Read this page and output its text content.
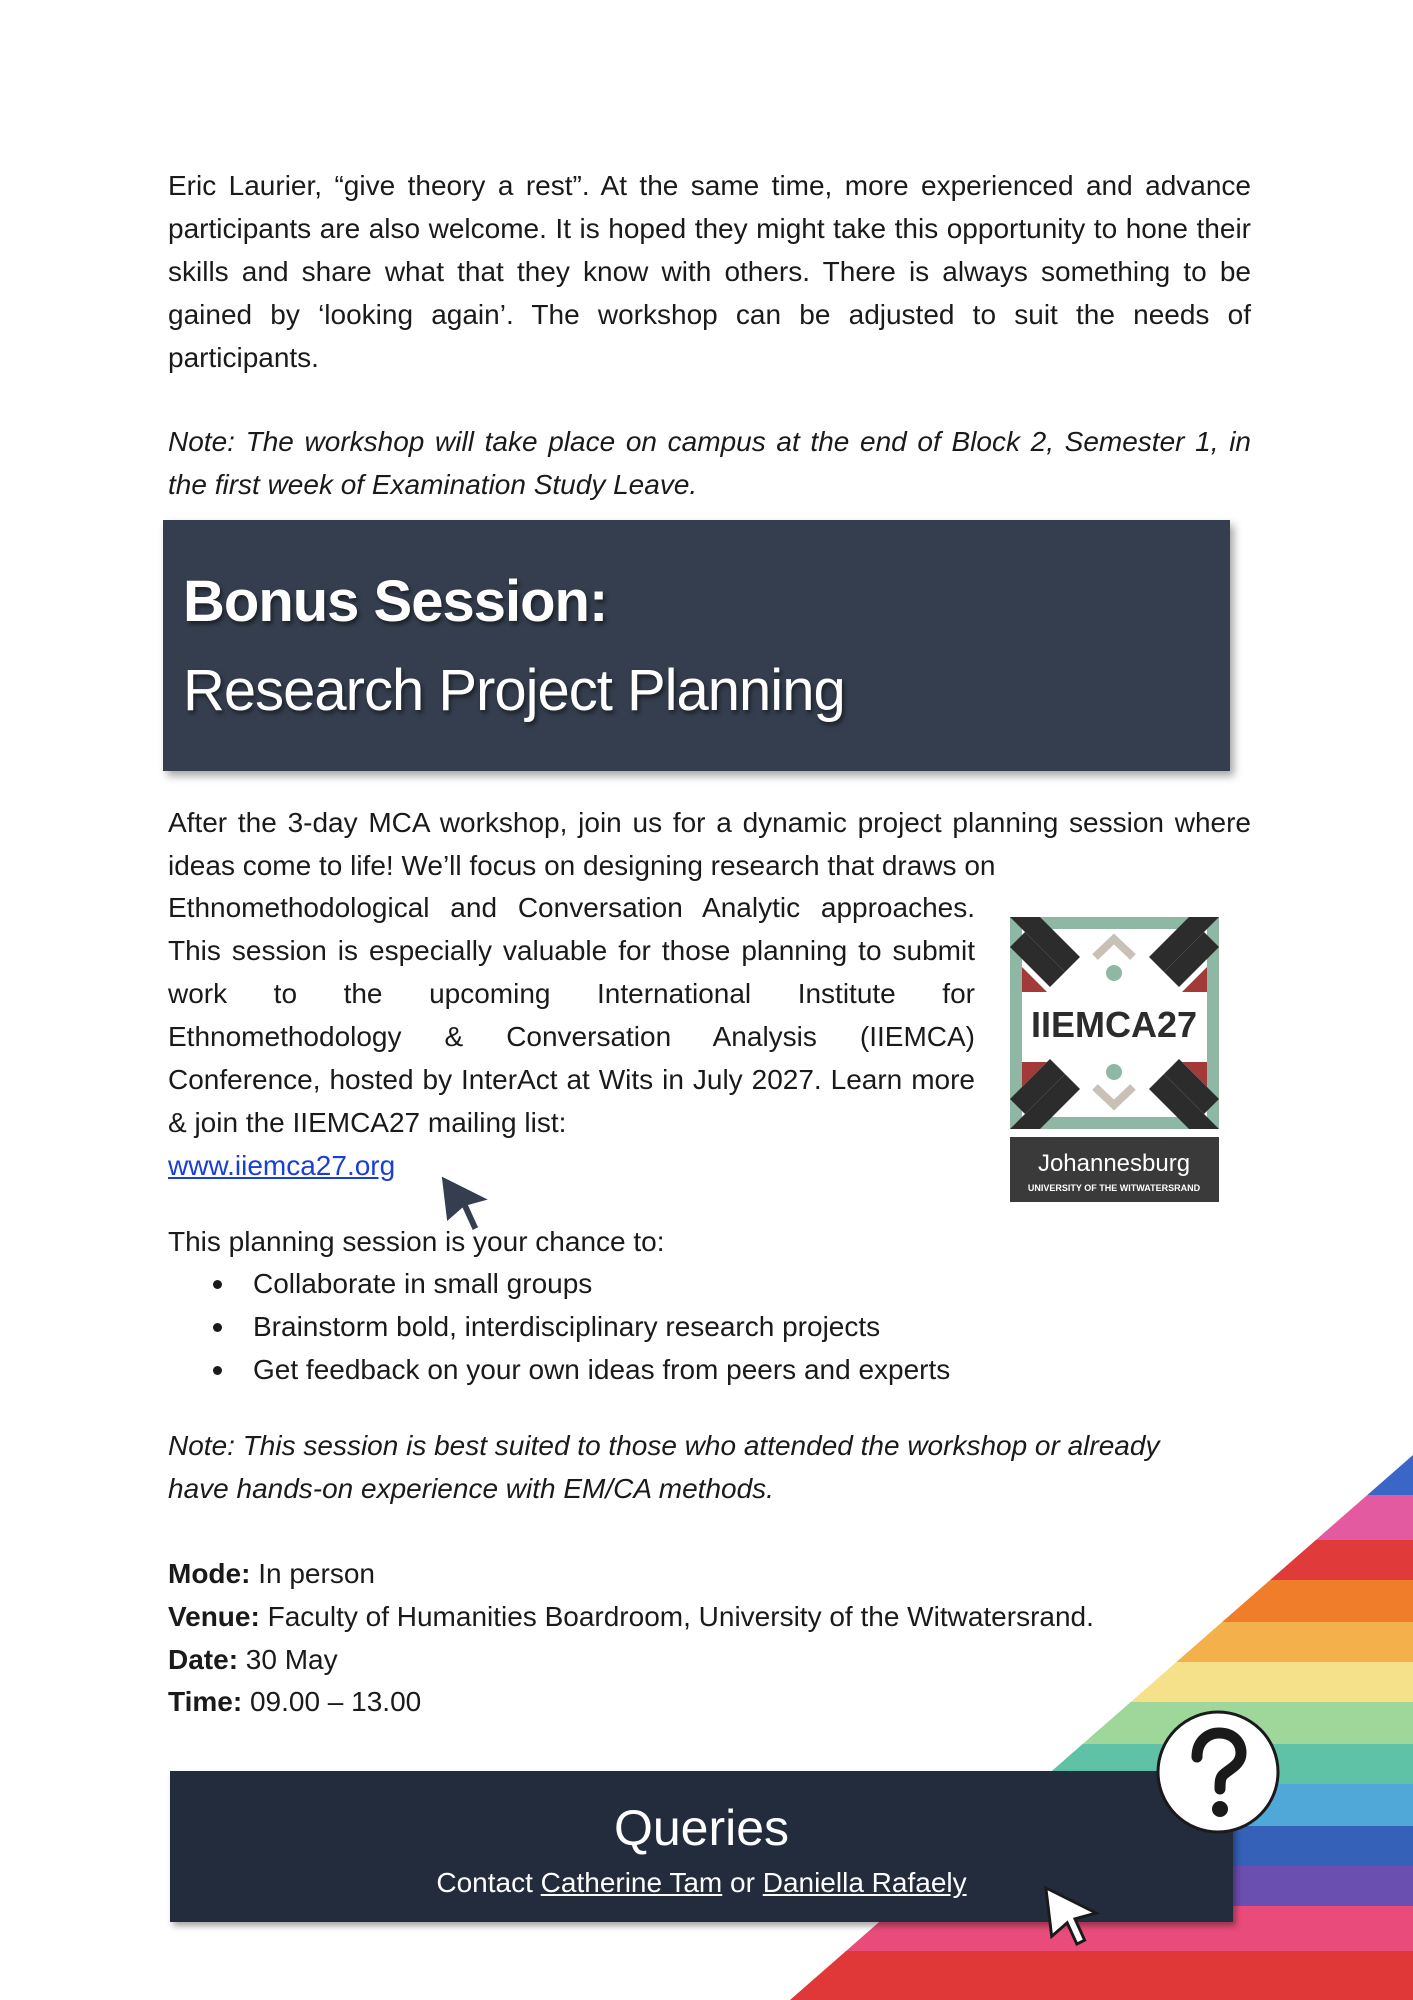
Eric Laurier, “give theory a rest”. At the same time, more experienced and advance participants are also welcome. It is hoped they might take this opportunity to hone their skills and share what that they know with others. There is always something to be gained by ‘looking again’. The workshop can be adjusted to suit the needs of participants.

Note: The workshop will take place on campus at the end of Block 2, Semester 1, in the first week of Examination Study Leave.

Bonus Session:
Research Project Planning

After the 3-day MCA workshop, join us for a dynamic project planning session where ideas come to life! We’ll focus on designing research that draws on

Ethnomethodological and Conversation Analytic approaches. This session is especially valuable for those planning to submit work to the upcoming International Institute for Ethnomethodology & Conversation Analysis (IIEMCA) Conference, hosted by InterAct at Wits in July 2027. Learn more & join the IIEMCA27 mailing list:
www.iiemca27.org

IIEMCA27
Johannesburg
UNIVERSITY OF THE WITWATERSRAND
This planning session is your chance to:
Collaborate in small groups
Brainstorm bold, interdisciplinary research projects
Get feedback on your own ideas from peers and experts

Note: This session is best suited to those who attended the workshop or already have hands-on experience with EM/CA methods.

Mode: In person
Venue: Faculty of Humanities Boardroom, University of the Witwatersrand.
Date: 30 May
Time: 09.00 – 13.00
Queries
Contact Catherine Tam or Daniella Rafaely
